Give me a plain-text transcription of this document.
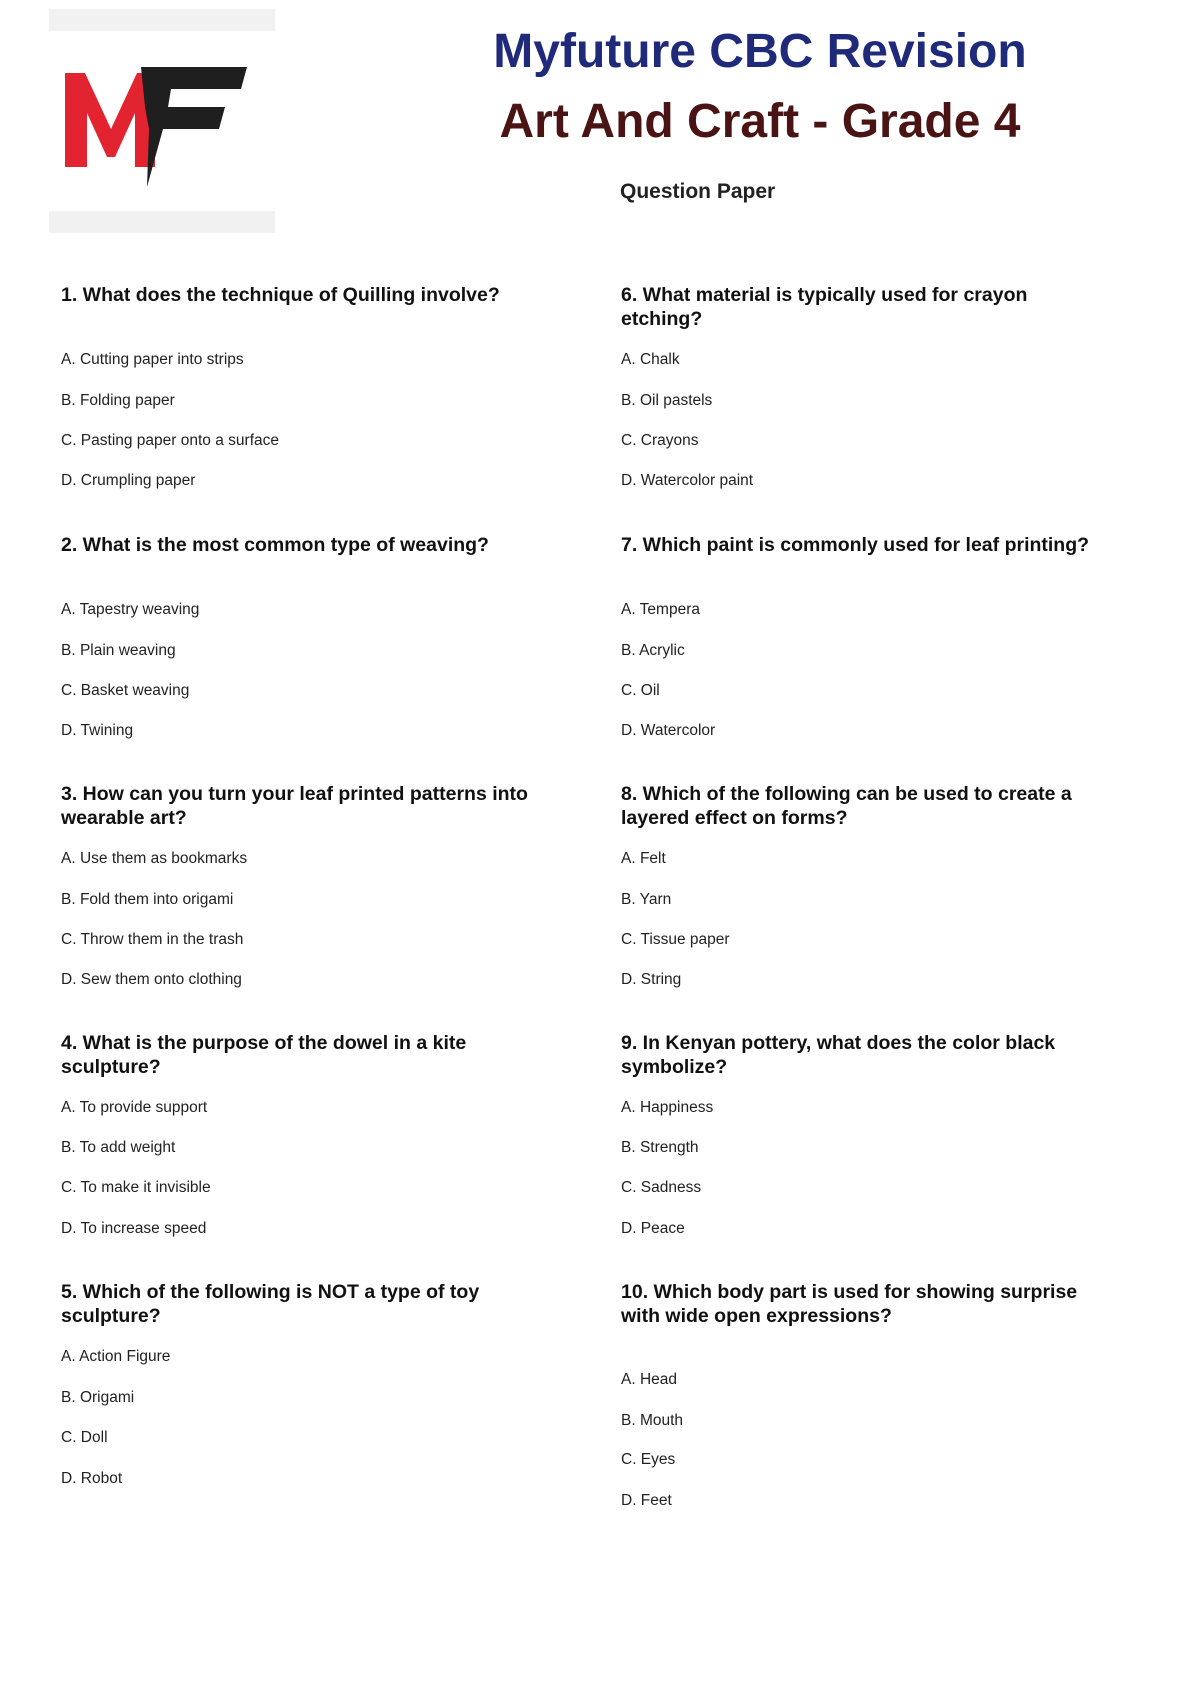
Myfuture CBC Revision
Art And Craft - Grade 4
Question Paper

1. What does the technique of Quilling involve?

A. Cutting paper into strips
B. Folding paper
C. Pasting paper onto a surface
D. Crumpling paper

2. What is the most common type of weaving?

A. Tapestry weaving
B. Plain weaving
C. Basket weaving
D. Twining

3. How can you turn your leaf printed patterns into wearable art?

A. Use them as bookmarks
B. Fold them into origami
C. Throw them in the trash
D. Sew them onto clothing

4. What is the purpose of the dowel in a kite sculpture?

A. To provide support
B. To add weight
C. To make it invisible
D. To increase speed

5. Which of the following is NOT a type of toy sculpture?

A. Action Figure
B. Origami
C. Doll
D. Robot

6. What material is typically used for crayon etching?

A. Chalk
B. Oil pastels
C. Crayons
D. Watercolor paint

7. Which paint is commonly used for leaf printing?

A. Tempera
B. Acrylic
C. Oil
D. Watercolor

8. Which of the following can be used to create a layered effect on forms?

A. Felt
B. Yarn
C. Tissue paper
D. String

9. In Kenyan pottery, what does the color black symbolize?

A. Happiness
B. Strength
C. Sadness
D. Peace

10. Which body part is used for showing surprise with wide open expressions?

A. Head
B. Mouth
C. Eyes
D. Feet
